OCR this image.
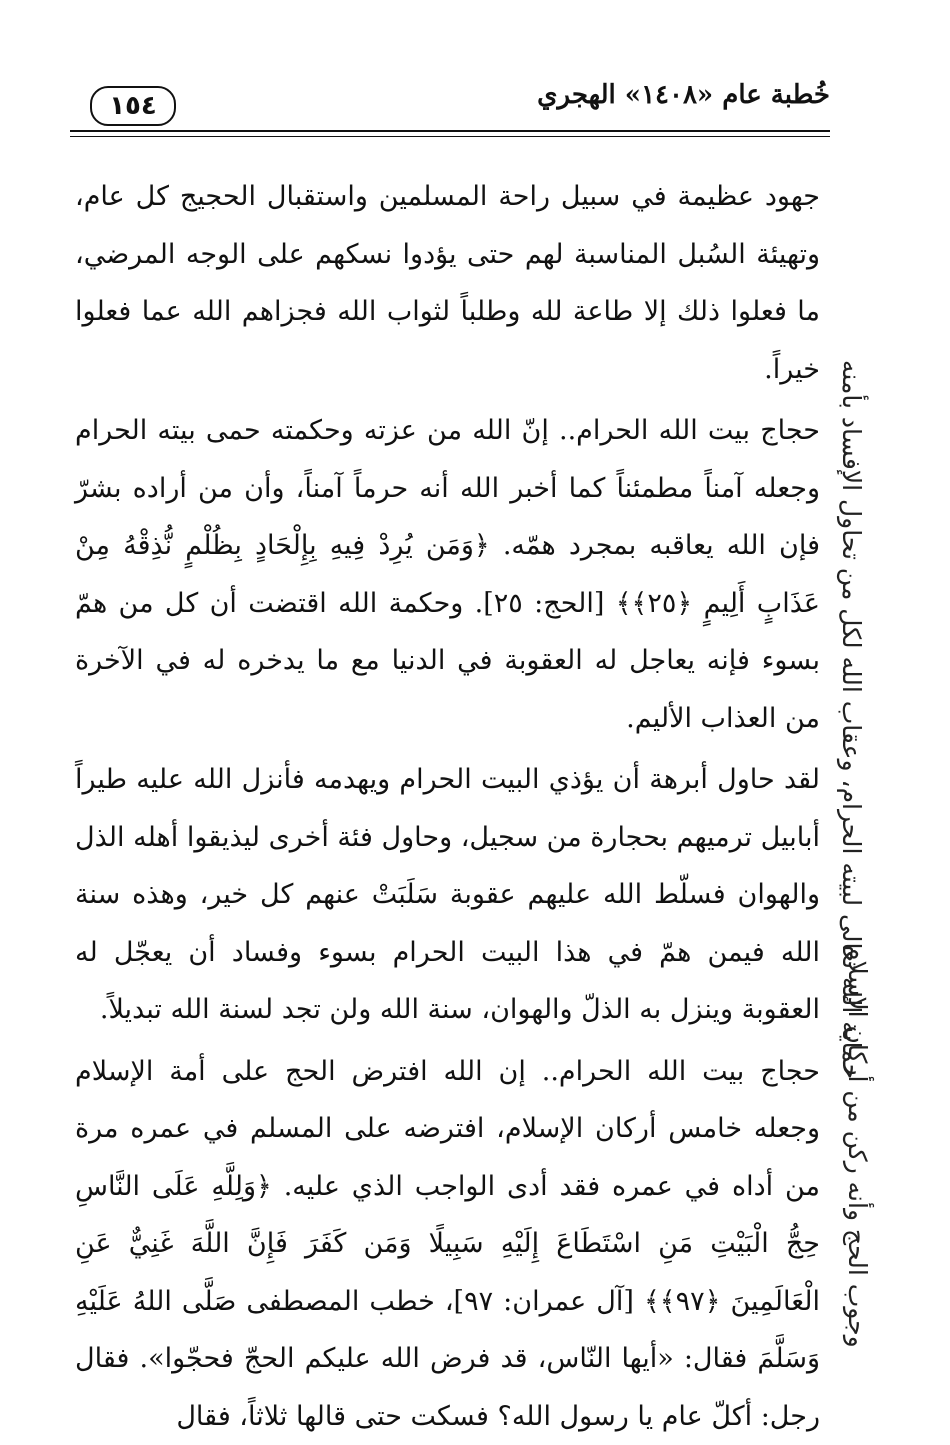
خُطبة عام «١٤٠٨» الهجري
١٥٤

جهود عظيمة في سبيل راحة المسلمين واستقبال الحجيج كل عام، وتهيئة السُبل المناسبة لهم حتى يؤدوا نسكهم على الوجه المرضي، ما فعلوا ذلك إلا طاعة لله وطلباً لثواب الله فجزاهم الله عما فعلوا خيراً.

حجاج بيت الله الحرام.. إنّ الله من عزته وحكمته حمى بيته الحرام وجعله آمناً مطمئناً كما أخبر الله أنه حرماً آمناً، وأن من أراده بشرّ فإن الله يعاقبه بمجرد همّه. ﴿وَمَن يُرِدْ فِيهِ بِإِلْحَادٍ بِظُلْمٍ نُّذِقْهُ مِنْ عَذَابٍ أَلِيمٍ ﴿٢٥﴾﴾ [الحج: ٢٥]. وحكمة الله اقتضت أن كل من همّ بسوء فإنه يعاجل له العقوبة في الدنيا مع ما يدخره له في الآخرة من العذاب الأليم.

لقد حاول أبرهة أن يؤذي البيت الحرام ويهدمه فأنزل الله عليه طيراً أبابيل ترميهم بحجارة من سجيل، وحاول فئة أخرى ليذيقوا أهله الذل والهوان فسلّط الله عليهم عقوبة سَلَبَتْ عنهم كل خير، وهذه سنة الله فيمن همّ في هذا البيت الحرام بسوء وفساد أن يعجّل له العقوبة وينزل به الذلّ والهوان، سنة الله ولن تجد لسنة الله تبديلاً.

حجاج بيت الله الحرام.. إن الله افترض الحج على أمة الإسلام وجعله خامس أركان الإسلام، افترضه على المسلم في عمره مرة من أداه في عمره فقد أدى الواجب الذي عليه. ﴿وَلِلَّهِ عَلَى النَّاسِ حِجُّ الْبَيْتِ مَنِ اسْتَطَاعَ إِلَيْهِ سَبِيلًا وَمَن كَفَرَ فَإِنَّ اللَّهَ غَنِيٌّ عَنِ الْعَالَمِينَ ﴿٩٧﴾﴾ [آل عمران: ٩٧]، خطب المصطفى صَلَّى اللهُ عَلَيْهِ وَسَلَّمَ فقال: «أيها النّاس، قد فرض الله عليكم الحجّ فحجّوا». فقال رجل: أكلّ عام يا رسول الله؟ فسكت حتى قالها ثلاثاً، فقال

حماية الله تعالى لبيته الحرام، وعقاب الله لكل من تحاول الإفساد بأمنه
وجوب الحج وأنه ركن من أركان الإسلام
